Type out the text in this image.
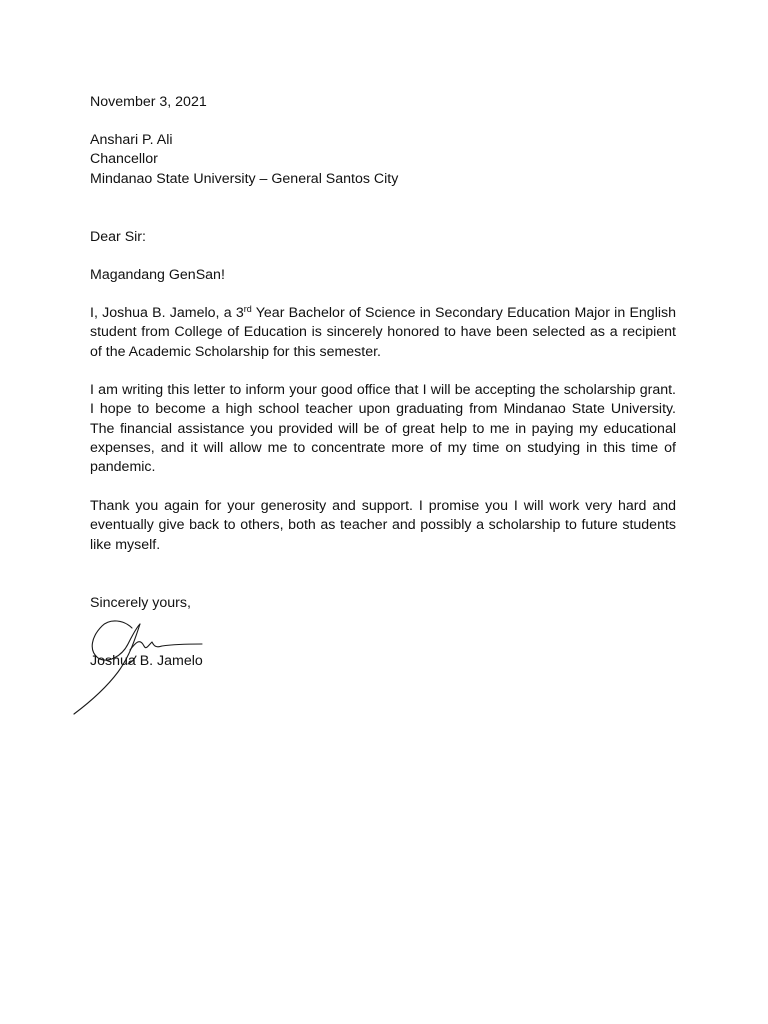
November 3, 2021
Anshari P. Ali
Chancellor
Mindanao State University – General Santos City
Dear Sir:
Magandang GenSan!
I, Joshua B. Jamelo, a 3rd Year Bachelor of Science in Secondary Education Major in English student from College of Education is sincerely honored to have been selected as a recipient of the Academic Scholarship for this semester.
I am writing this letter to inform your good office that I will be accepting the scholarship grant. I hope to become a high school teacher upon graduating from Mindanao State University. The financial assistance you provided will be of great help to me in paying my educational expenses, and it will allow me to concentrate more of my time on studying in this time of pandemic.
Thank you again for your generosity and support. I promise you I will work very hard and eventually give back to others, both as teacher and possibly a scholarship to future students like myself.
Sincerely yours,
Joshua B. Jamelo
